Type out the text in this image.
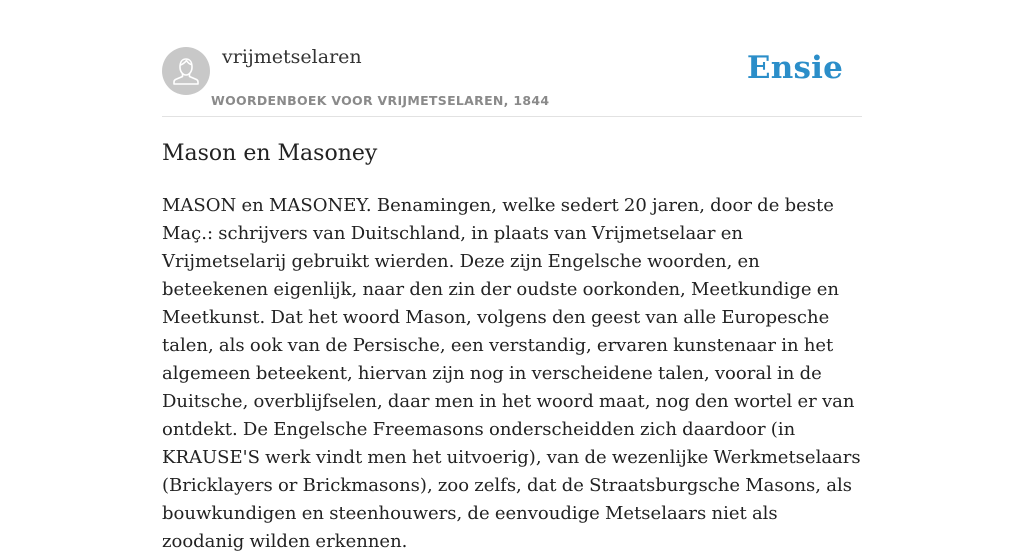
vrijmetselaren
WOORDENBOEK VOOR VRIJMETSELAREN, 1844
Ensie
Mason en Masoney

MASON en MASONEY. Benamingen, welke sedert 20 jaren, door de beste Maç.: schrijvers van Duitschland, in plaats van Vrijmetselaar en Vrijmetselarij gebruikt wierden. Deze zijn Engelsche woorden, en beteekenen eigenlijk, naar den zin der oudste oorkonden, Meetkundige en Meetkunst. Dat het woord Mason, volgens den geest van alle Europesche talen, als ook van de Persische, een verstandig, ervaren kunstenaar in het algemeen beteekent, hiervan zijn nog in verscheidene talen, vooral in de Duitsche, overblijfselen, daar men in het woord maat, nog den wortel er van ontdekt. De Engelsche Freemasons onderscheidden zich daardoor (in KRAUSE'S werk vindt men het uitvoerig), van de wezenlijke Werkmetselaars (Bricklayers or Brickmasons), zoo zelfs, dat de Straatsburgsche Masons, als bouwkundigen en steenhouwers, de eenvoudige Metselaars niet als zoodanig wilden erkennen.
